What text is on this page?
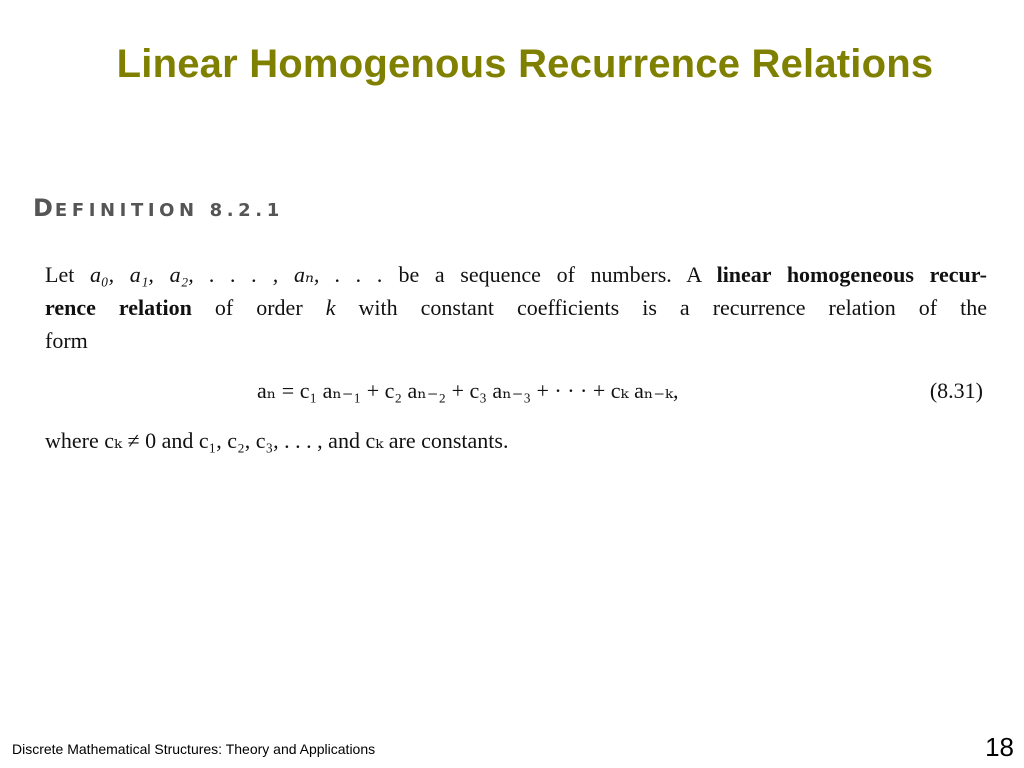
Linear Homogenous Recurrence Relations
DEFINITION 8.2.1
Let a₀, a₁, a₂, . . . , aₙ, . . . be a sequence of numbers. A linear homogeneous recur-
rence relation of order k with constant coefficients is a recurrence relation of the
form
aₙ = c₁ aₙ₋₁ + c₂ aₙ₋₂ + c₃ aₙ₋₃ + · · · + cₖ aₙ₋ₖ,	(8.31)
where cₖ ≠ 0 and c₁, c₂, c₃, . . . , and cₖ are constants.
Discrete Mathematical Structures: Theory and Applications	18
